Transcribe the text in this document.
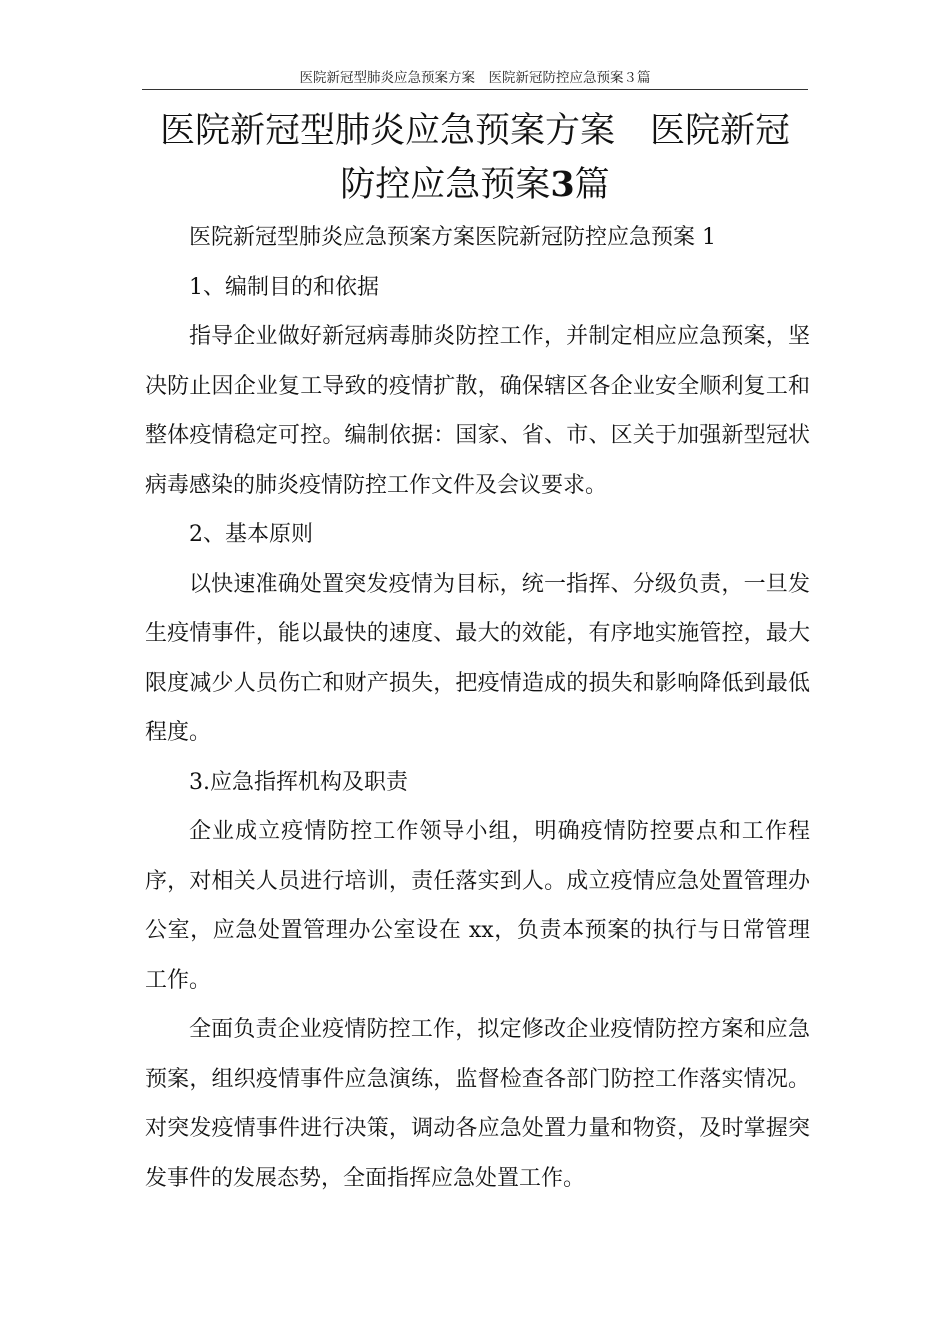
医院新冠型肺炎应急预案方案　医院新冠防控应急预案３篇
医院新冠型肺炎应急预案方案　医院新冠
防控应急预案3篇

医院新冠型肺炎应急预案方案医院新冠防控应急预案 1

1、编制目的和依据

指导企业做好新冠病毒肺炎防控工作，并制定相应应急预案，坚决防止因企业复工导致的疫情扩散，确保辖区各企业安全顺利复工和整体疫情稳定可控。编制依据：国家、省、市、区关于加强新型冠状病毒感染的肺炎疫情防控工作文件及会议要求。

2、基本原则

以快速准确处置突发疫情为目标，统一指挥、分级负责，一旦发生疫情事件，能以最快的速度、最大的效能，有序地实施管控，最大限度减少人员伤亡和财产损失，把疫情造成的损失和影响降低到最低程度。

3.应急指挥机构及职责

企业成立疫情防控工作领导小组，明确疫情防控要点和工作程序，对相关人员进行培训，责任落实到人。成立疫情应急处置管理办公室，应急处置管理办公室设在 xx，负责本预案的执行与日常管理工作。

全面负责企业疫情防控工作，拟定修改企业疫情防控方案和应急预案，组织疫情事件应急演练，监督检查各部门防控工作落实情况。对突发疫情事件进行决策，调动各应急处置力量和物资，及时掌握突发事件的发展态势，全面指挥应急处置工作。
